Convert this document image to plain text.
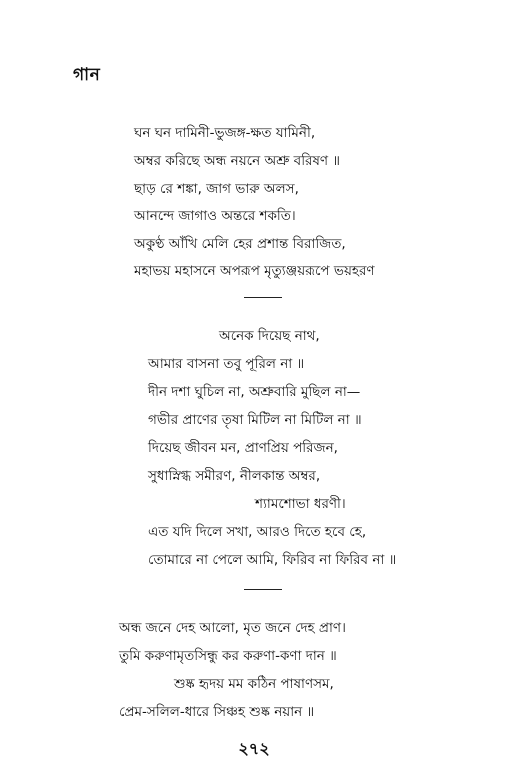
গান
ঘন ঘন দামিনী-ভুজঙ্গ-ক্ষত যামিনী,
অম্বর করিছে অন্ধ নয়নে অশ্রু বরিষণ ॥
ছাড় রে শঙ্কা, জাগ ভারু অলস,
আনন্দে জাগাও অন্তরে শকতি।
অকুণ্ঠ আঁখি মেলি হের প্রশান্ত বিরাজিত,
মহাভয় মহাসনে অপরূপ মৃত্যুঞ্জয়রূপে ভয়হরণ
অনেক দিয়েছ নাথ,
আমার বাসনা তবু পূরিল না ॥
দীন দশা ঘুচিল না, অশ্রুবারি মুছিল না—
গভীর প্রাণের তৃষা মিটিল না মিটিল না ॥
দিয়েছ জীবন মন, প্রাণপ্রিয় পরিজন,
সুধাস্নিগ্ধ সমীরণ, নীলকান্ত অম্বর,
শ্যামশোভা ধরণী।
এত যদি দিলে সখা, আরও দিতে হবে হে,
তোমারে না পেলে আমি, ফিরিব না ফিরিব না ॥
অন্ধ জনে দেহ আলো, মৃত জনে দেহ প্রাণ।
তুমি করুণামৃতসিন্ধু কর করুণা-কণা দান ॥
শুষ্ক হৃদয় মম কঠিন পাষাণসম,
প্রেম-সলিল-ধারে সিঞ্চহ শুষ্ক নয়ান ॥
২৭২
